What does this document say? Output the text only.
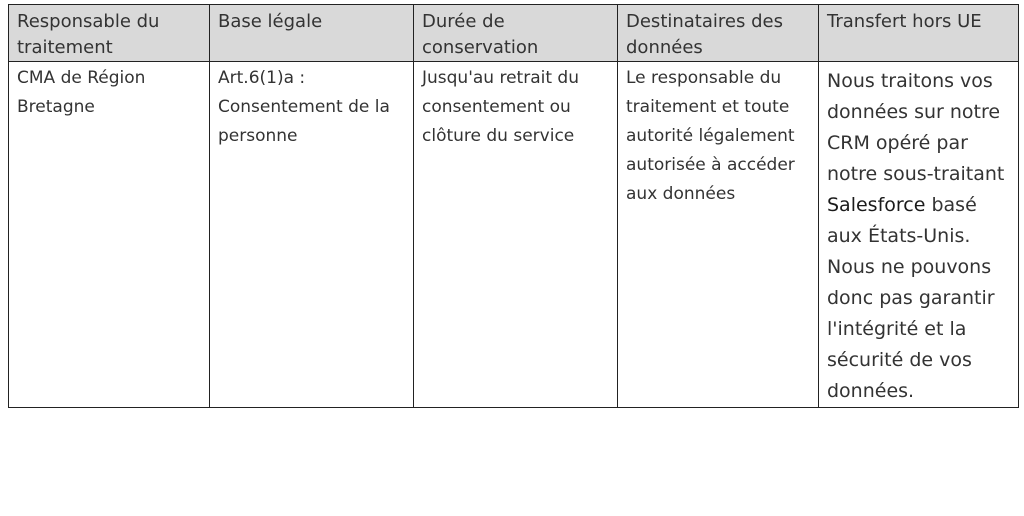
Responsable du traitement	Base légale	Durée de conservation	Destinataires des données	Transfert hors UE
CMA de Région Bretagne	Art.6(1)a : Consentement de la personne	Jusqu'au retrait du consentement ou clôture du service	Le responsable du traitement et toute autorité légalement autorisée à accéder aux données	Nous traitons vos données sur notre CRM opéré par notre sous-traitant Salesforce basé aux États-Unis. Nous ne pouvons donc pas garantir l'intégrité et la sécurité de vos données.
